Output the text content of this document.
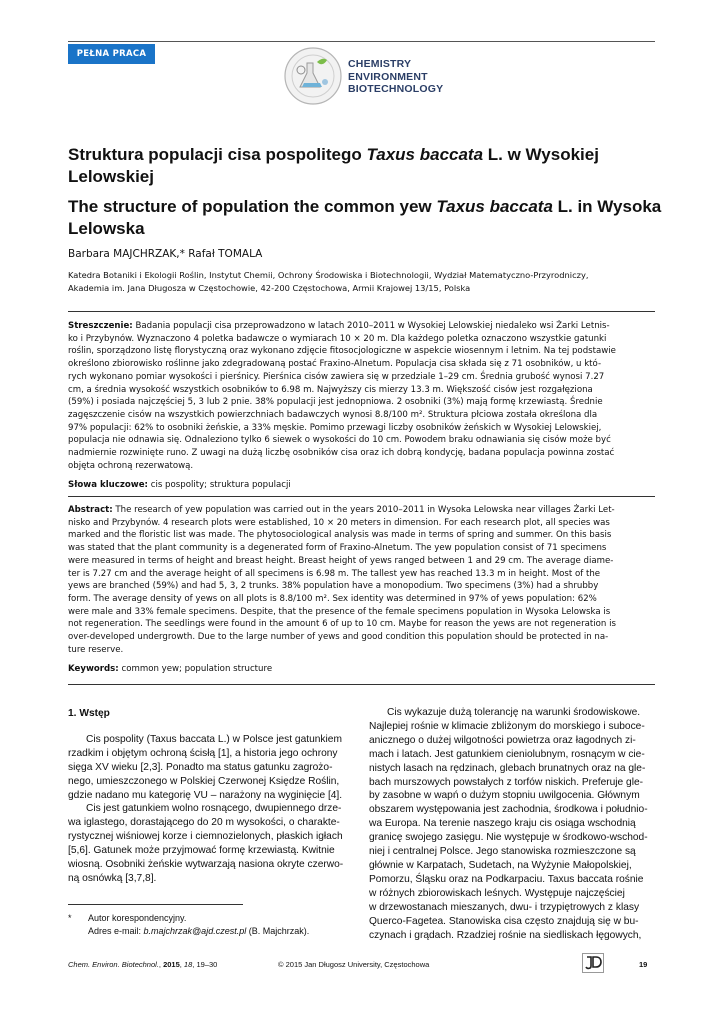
PEŁNA PRACA
CHEMISTRY
ENVIRONMENT
BIOTECHNOLOGY
Struktura populacji cisa pospolitego Taxus baccata L. w Wysokiej Lelowskiej
The structure of population the common yew Taxus baccata L. in Wysoka Lelowska
Barbara MAJCHRZAK,* Rafał TOMALA
Katedra Botaniki i Ekologii Roślin, Instytut Chemii, Ochrony Środowiska i Biotechnologii, Wydział Matematyczno-Przyrodniczy,
Akademia im. Jana Długosza w Częstochowie, 42-200 Częstochowa, Armii Krajowej 13/15, Polska

Streszczenie: Badania populacji cisa przeprowadzono w latach 2010–2011 w Wysokiej Lelowskiej niedaleko wsi Żarki Letnis-

ko i Przybynów. Wyznaczono 4 poletka badawcze o wymiarach 10 × 20 m. Dla każdego poletka oznaczono wszystkie gatunki

roślin, sporządzono listę florystyczną oraz wykonano zdjęcie fitosocjologiczne w aspekcie wiosennym i letnim. Na tej podstawie

określono zbiorowisko roślinne jako zdegradowaną postać Fraxino-Alnetum. Populacja cisa składa się z 71 osobników, u któ-

rych wykonano pomiar wysokości i pierśnicy. Pierśnica cisów zawiera się w przedziale 1–29 cm. Średnia grubość wynosi 7.27

cm, a średnia wysokość wszystkich osobników to 6.98 m. Najwyższy cis mierzy 13.3 m. Większość cisów jest rozgałęziona

(59%) i posiada najczęściej 5, 3 lub 2 pnie. 38% populacji jest jednopniowa. 2 osobniki (3%) mają formę krzewiastą. Średnie

zagęszczenie cisów na wszystkich powierzchniach badawczych wynosi 8.8/100 m². Struktura płciowa została określona dla

97% populacji: 62% to osobniki żeńskie, a 33% męskie. Pomimo przewagi liczby osobników żeńskich w Wysokiej Lelowskiej,

populacja nie odnawia się. Odnaleziono tylko 6 siewek o wysokości do 10 cm. Powodem braku odnawiania się cisów może być

nadmiernie rozwinięte runo. Z uwagi na dużą liczbę osobników cisa oraz ich dobrą kondycję, badana populacja powinna zostać

objęta ochroną rezerwatową.

Słowa kluczowe: cis pospolity; struktura populacji

Abstract: The research of yew population was carried out in the years 2010–2011 in Wysoka Lelowska near villages Żarki Let-

nisko and Przybynów. 4 research plots were established, 10 × 20 meters in dimension. For each research plot, all species was

marked and the floristic list was made. The phytosociological analysis was made in terms of spring and summer. On this basis

was stated that the plant community is a degenerated form of Fraxino-Alnetum. The yew population consist of 71 specimens

were measured in terms of height and breast height. Breast height of yews ranged between 1 and 29 cm. The average diame-

ter is 7.27 cm and the average height of all specimens is 6.98 m. The tallest yew has reached 13.3 m in height. Most of the

yews are branched (59%) and had 5, 3, 2 trunks. 38% population have a monopodium. Two specimens (3%) had a shrubby

form. The average density of yews on all plots is 8.8/100 m². Sex identity was determined in 97% of yews population: 62%

were male and 33% female specimens. Despite, that the presence of the female specimens population in Wysoka Lelowska is

not regeneration. The seedlings were found in the amount 6 of up to 10 cm. Maybe for reason the yews are not regeneration is

over-developed undergrowth. Due to the large number of yews and good condition this population should be protected in na-

ture reserve.

Keywords: common yew; population structure

1. Wstęp

Cis pospolity (Taxus baccata L.) w Polsce jest gatunkiem

rzadkim i objętym ochroną ścisłą [1], a historia jego ochrony

sięga XV wieku [2,3]. Ponadto ma status gatunku zagrożo-

nego, umieszczonego w Polskiej Czerwonej Księdze Roślin,

gdzie nadano mu kategorię VU – narażony na wyginięcie [4].

Cis jest gatunkiem wolno rosnącego, dwupiennego drze-

wa iglastego, dorastającego do 20 m wysokości, o charakte-

rystycznej wiśniowej korze i ciemnozielonych, płaskich igłach

[5,6]. Gatunek może przyjmować formę krzewiastą. Kwitnie

wiosną. Osobniki żeńskie wytwarzają nasiona okryte czerwo-

ną osnówką [3,7,8].

Cis wykazuje dużą tolerancję na warunki środowiskowe.

Najlepiej rośnie w klimacie zbliżonym do morskiego i suboce-

anicznego o dużej wilgotności powietrza oraz łagodnych zi-

mach i latach. Jest gatunkiem cieniolubnym, rosnącym w cie-

nistych lasach na rędzinach, glebach brunatnych oraz na gle-

bach murszowych powstałych z torfów niskich. Preferuje gle-

by zasobne w wapń o dużym stopniu uwilgocenia. Głównym

obszarem występowania jest zachodnia, środkowa i południo-

wa Europa. Na terenie naszego kraju cis osiąga wschodnią

granicę swojego zasięgu. Nie występuje w środkowo-wschod-

niej i centralnej Polsce. Jego stanowiska rozmieszczone są

głównie w Karpatach, Sudetach, na Wyżynie Małopolskiej,

Pomorzu, Śląsku oraz na Podkarpaciu. Taxus baccata rośnie

w różnych zbiorowiskach leśnych. Występuje najczęściej

w drzewostanach mieszanych, dwu- i trzypiętrowych z klasy

Querco-Fagetea. Stanowiska cisa często znajdują się w bu-

czynach i grądach. Rzadziej rośnie na siedliskach łęgowych,

* Autor korespondencyjny.
Adres e-mail: b.majchrzak@ajd.czest.pl (B. Majchrzak).
Chem. Environ. Biotechnol., 2015, 18, 19–30	© 2015 Jan Długosz University, Częstochowa	19
